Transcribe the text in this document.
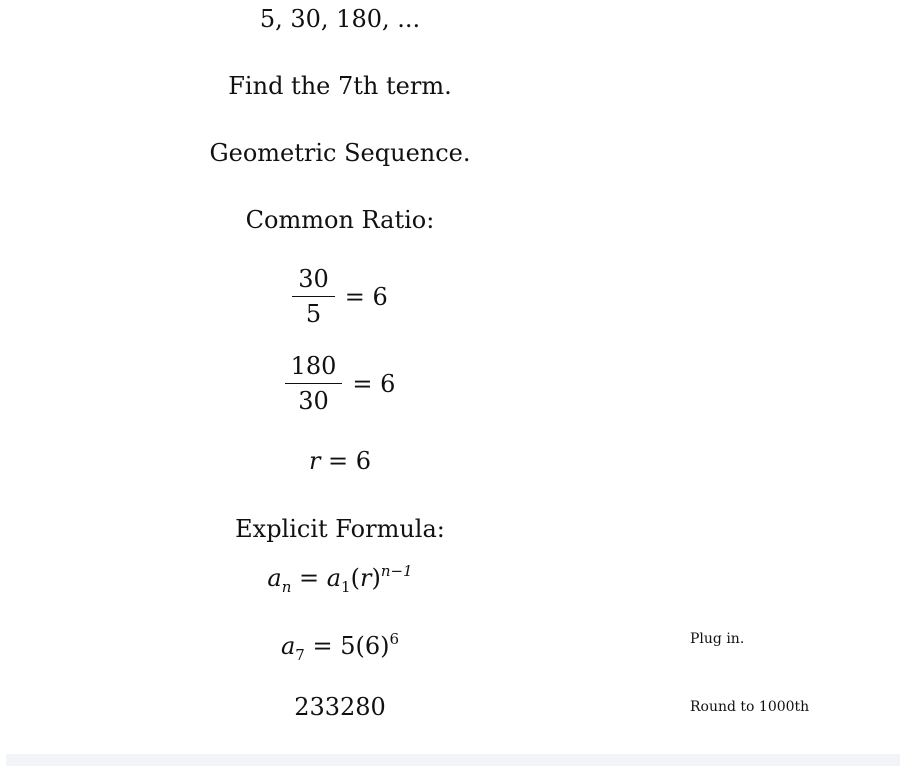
5, 30, 180, ...
Find the 7th term.
Geometric Sequence.
Common Ratio:
$\frac{30}{5} = 6$
$\frac{180}{30} = 6$
r = 6
Explicit Formula:
$a_n = a_1(r)^{n-1}$
$a_7 = 5(6)^6$	Plug in.
233280	Round to 1000th
